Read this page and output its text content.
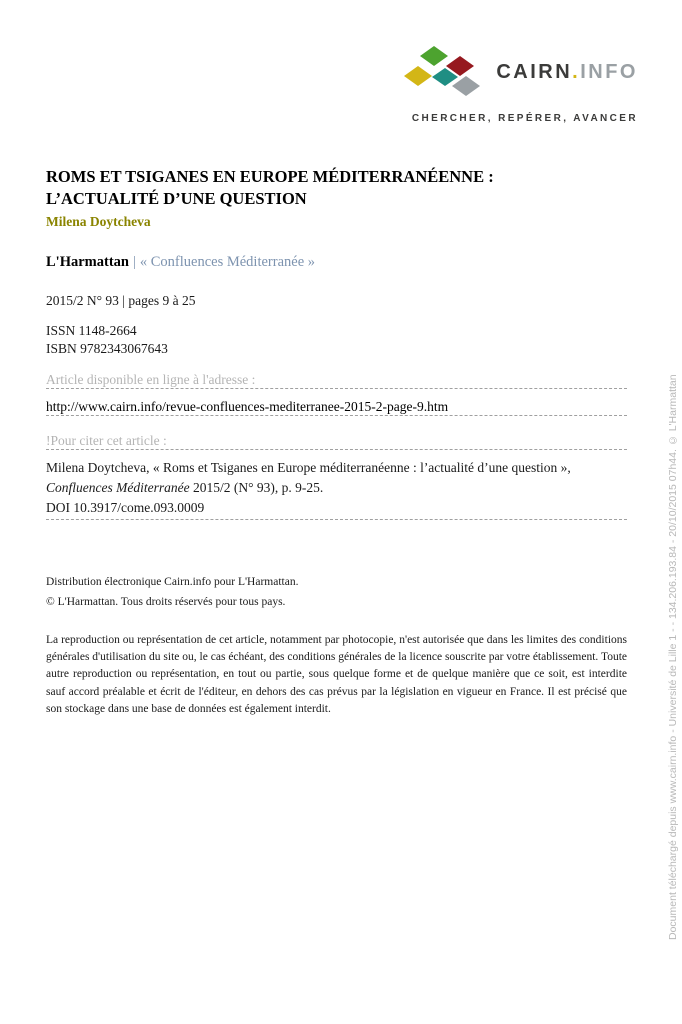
CAIRN.INFO
CHERCHER, REPÉRER, AVANCER
ROMS ET TSIGANES EN EUROPE MÉDITERRANÉENNE :
L’ACTUALITÉ D’UNE QUESTION
Milena Doytcheva
L'Harmattan | « Confluences Méditerranée »
2015/2 N° 93 | pages 9 à 25
ISSN 1148-2664
ISBN 9782343067643
Article disponible en ligne à l'adresse :
http://www.cairn.info/revue-confluences-mediterranee-2015-2-page-9.htm
!Pour citer cet article :

Milena Doytcheva, « Roms et Tsiganes en Europe méditerranéenne : l’actualité d’une question », Confluences Méditerranée 2015/2 (N° 93), p. 9-25.
DOI 10.3917/come.093.0009

Distribution électronique Cairn.info pour L'Harmattan.
© L'Harmattan. Tous droits réservés pour tous pays.

La reproduction ou représentation de cet article, notamment par photocopie, n'est autorisée que dans les limites des conditions générales d'utilisation du site ou, le cas échéant, des conditions générales de la licence souscrite par votre établissement. Toute autre reproduction ou représentation, en tout ou partie, sous quelque forme et de quelque manière que ce soit, est interdite sauf accord préalable et écrit de l'éditeur, en dehors des cas prévus par la législation en vigueur en France. Il est précisé que son stockage dans une base de données est également interdit.	Document téléchargé depuis www.cairn.info - Université de Lille 1 - - 134.206.193.84 - 20/10/2015 07h44. © L'Harmattan
